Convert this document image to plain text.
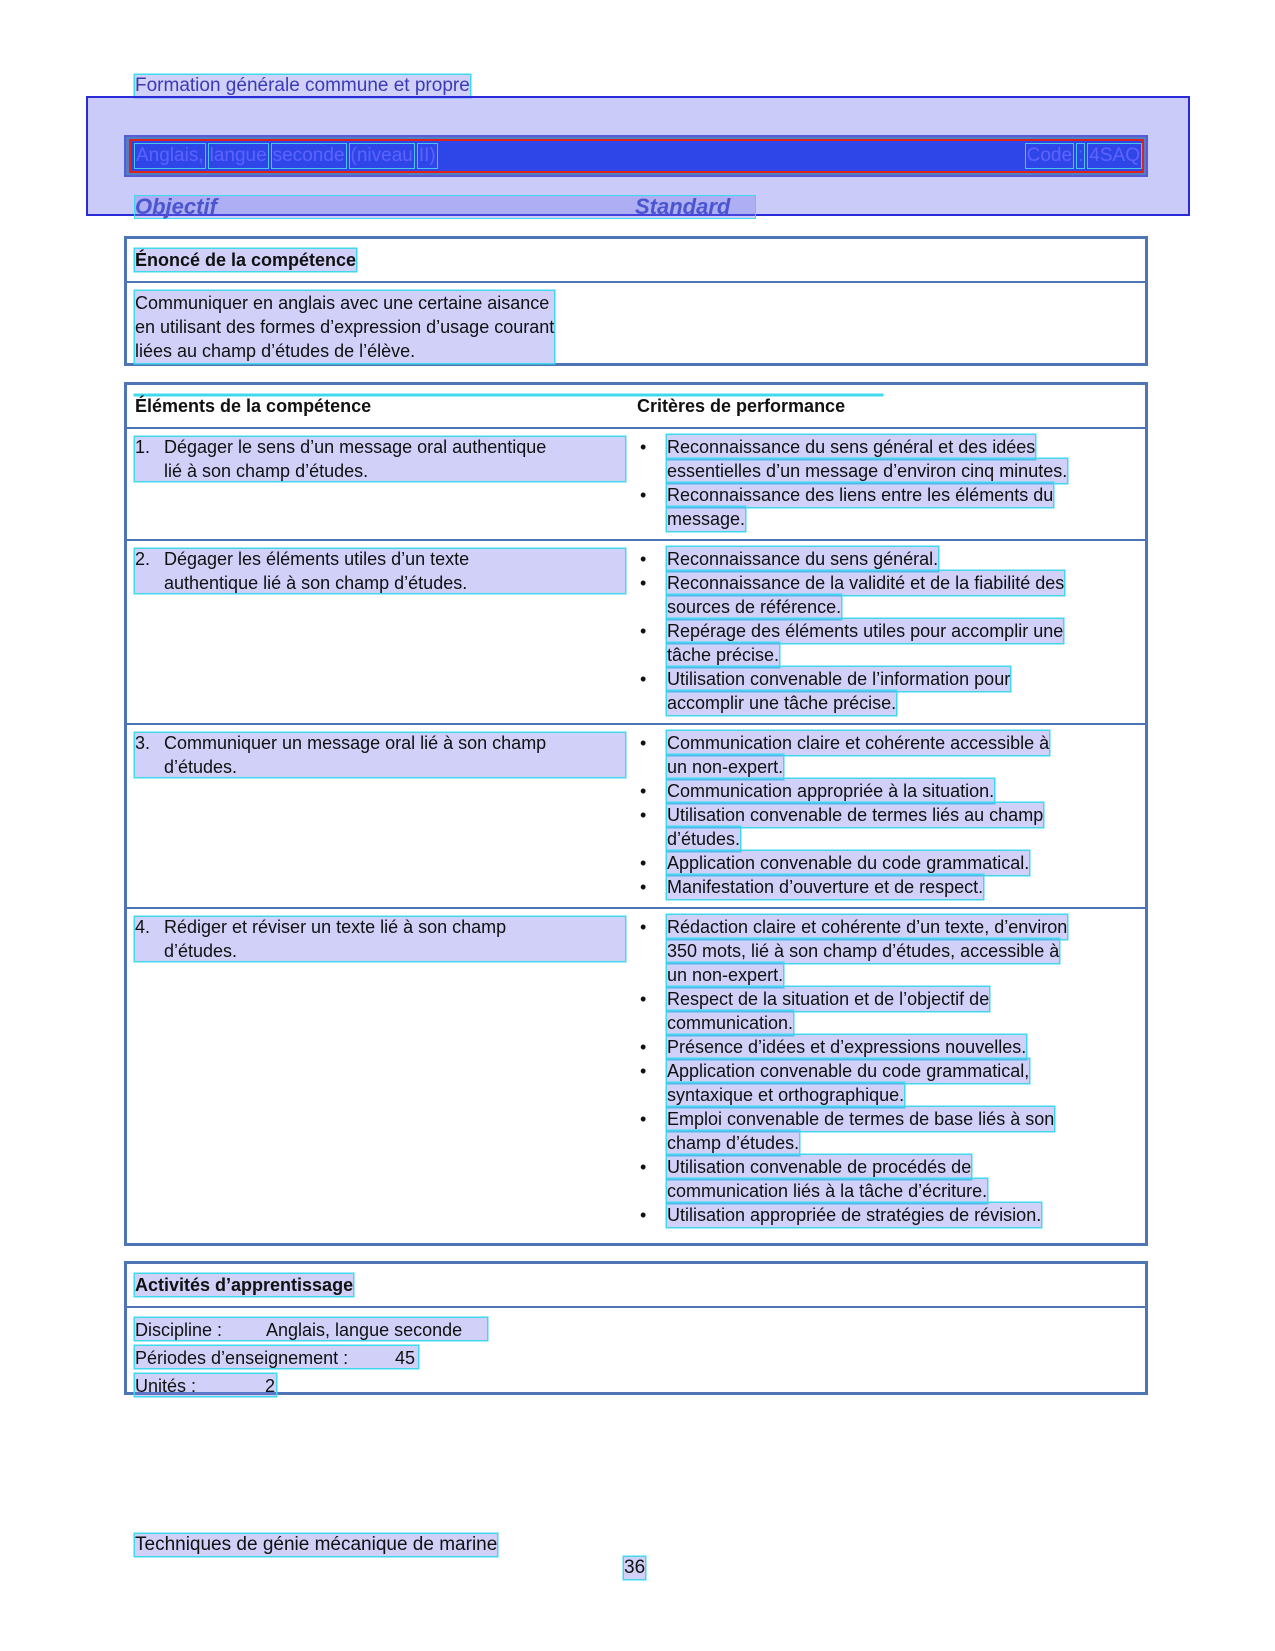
Formation générale commune et propre
Anglais, langue seconde (niveau II)	Code : 4SAQ
Objectif	Standard
Énoncé de la compétence
Communiquer en anglais avec une certaine aisance
en utilisant des formes d’expression d’usage courant
liées au champ d’études de l’élève.
Éléments de la compétence	Critères de performance
1. Dégager le sens d’un message oral authentique
lié à son champ d’études.
• Reconnaissance du sens général et des idées
essentielles d’un message d’environ cinq minutes.
• Reconnaissance des liens entre les éléments du
message.
2. Dégager les éléments utiles d’un texte
authentique lié à son champ d’études.
• Reconnaissance du sens général.
• Reconnaissance de la validité et de la fiabilité des
sources de référence.
• Repérage des éléments utiles pour accomplir une
tâche précise.
• Utilisation convenable de l’information pour
accomplir une tâche précise.
3. Communiquer un message oral lié à son champ
d’études.
• Communication claire et cohérente accessible à
un non-expert.
• Communication appropriée à la situation.
• Utilisation convenable de termes liés au champ
d’études.
• Application convenable du code grammatical.
• Manifestation d’ouverture et de respect.
4. Rédiger et réviser un texte lié à son champ
d’études.
• Rédaction claire et cohérente d’un texte, d’environ
350 mots, lié à son champ d’études, accessible à
un non-expert.
• Respect de la situation et de l’objectif de
communication.
• Présence d’idées et d’expressions nouvelles.
• Application convenable du code grammatical,
syntaxique et orthographique.
• Emploi convenable de termes de base liés à son
champ d’études.
• Utilisation convenable de procédés de
communication liés à la tâche d’écriture.
• Utilisation appropriée de stratégies de révision.
Activités d’apprentissage
Discipline : Anglais, langue seconde
Périodes d’enseignement :	45
Unités :	2
Techniques de génie mécanique de marine
36
